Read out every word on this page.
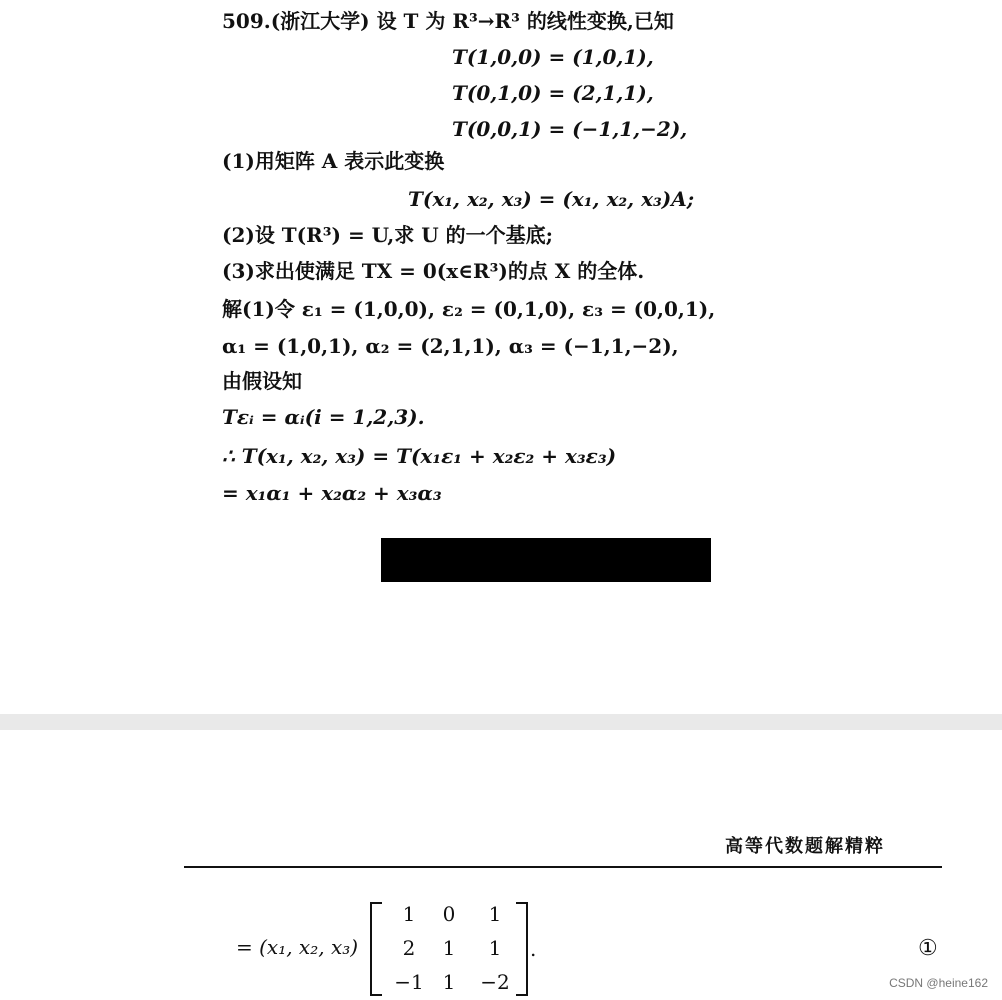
509.(浙江大学) 设 T 为 R³→R³ 的线性变换,已知
T(1,0,0) = (1,0,1),
T(0,1,0) = (2,1,1),
T(0,0,1) = (−1,1,−2),
(1)用矩阵 A 表示此变换
T(x₁, x₂, x₃) = (x₁, x₂, x₃)A;
(2)设 T(R³) = U,求 U 的一个基底;
(3)求出使满足 TX = 0(x∈R³)的点 X 的全体.
解(1)令 ε₁ = (1,0,0), ε₂ = (0,1,0), ε₃ = (0,0,1),
α₁ = (1,0,1), α₂ = (2,1,1), α₃ = (−1,1,−2),
由假设知
Tεᵢ = αᵢ(i = 1,2,3).
∴ T(x₁, x₂, x₃) = T(x₁ε₁ + x₂ε₂ + x₃ε₃)
= x₁α₁ + x₂α₂ + x₃α₃
高等代数题解精粹
= (x₁, x₂, x₃)
1	0	1
2	1	1
−1 1	−2
.	①
CSDN @heine162
